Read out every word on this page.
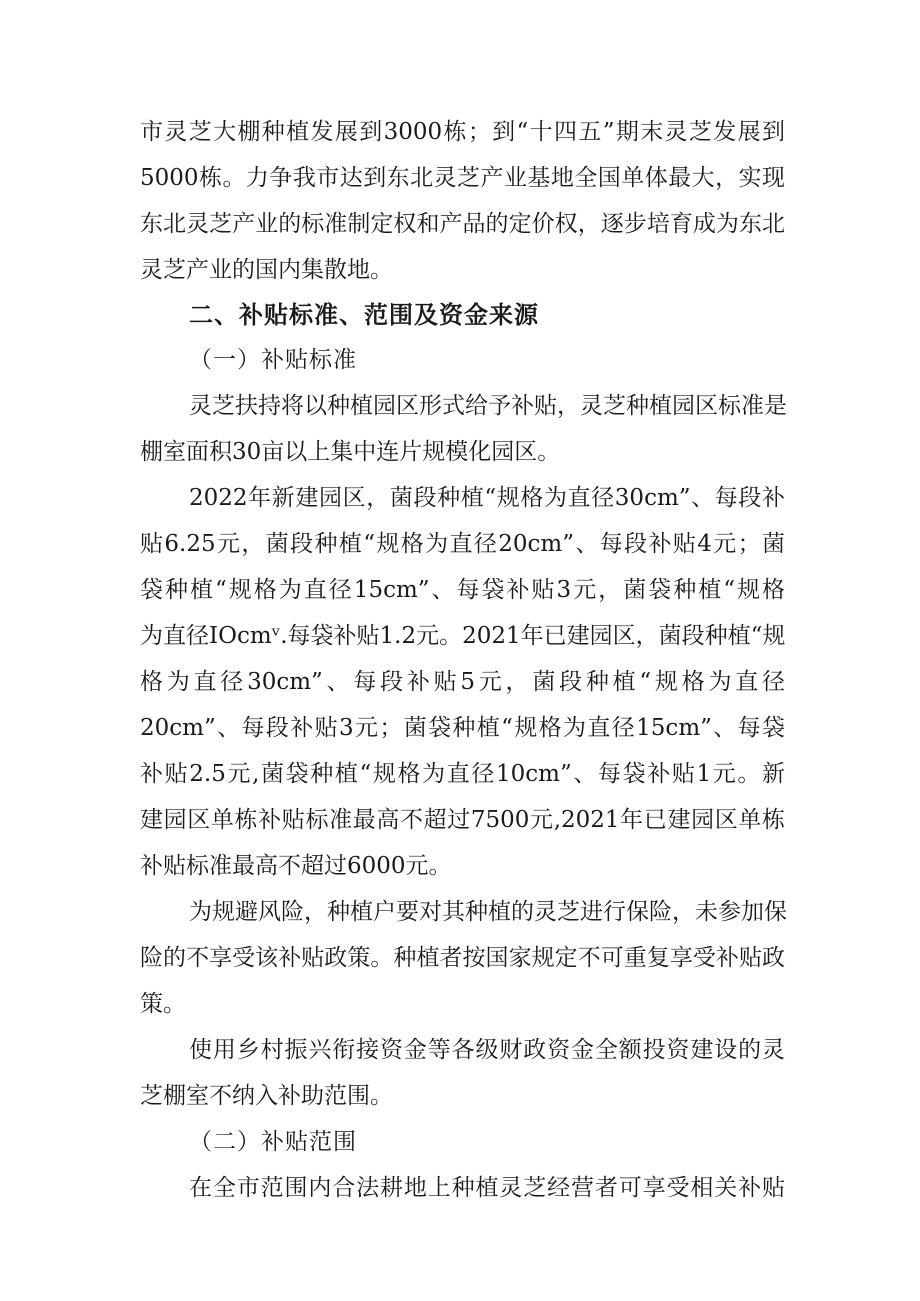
市灵芝大棚种植发展到3000栋；到“十四五”期末灵芝发展到
5000栋。力争我市达到东北灵芝产业基地全国单体最大，实现
东北灵芝产业的标准制定权和产品的定价权，逐步培育成为东北
灵芝产业的国内集散地。
二、补贴标准、范围及资金来源
（一）补贴标准
灵芝扶持将以种植园区形式给予补贴，灵芝种植园区标准是
棚室面积30亩以上集中连片规模化园区。
2022年新建园区，菌段种植“规格为直径30cm”、每段补
贴6.25元，菌段种植“规格为直径20cm”、每段补贴4元；菌
袋种植“规格为直径15cm”、每袋补贴3元，菌袋种植“规格
为直径IOcmᵛ.每袋补贴1.2元。2021年已建园区，菌段种植“规
格为直径30cm”、每段补贴5元，菌段种植“规格为直径
20cm”、每段补贴3元；菌袋种植“规格为直径15cm”、每袋
补贴2.5元,菌袋种植“规格为直径10cm”、每袋补贴1元。新
建园区单栋补贴标准最高不超过7500元,2021年已建园区单栋
补贴标准最高不超过6000元。
为规避风险，种植户要对其种植的灵芝进行保险，未参加保
险的不享受该补贴政策。种植者按国家规定不可重复享受补贴政
策。
使用乡村振兴衔接资金等各级财政资金全额投资建设的灵
芝棚室不纳入补助范围。
（二）补贴范围
在全市范围内合法耕地上种植灵芝经营者可享受相关补贴
